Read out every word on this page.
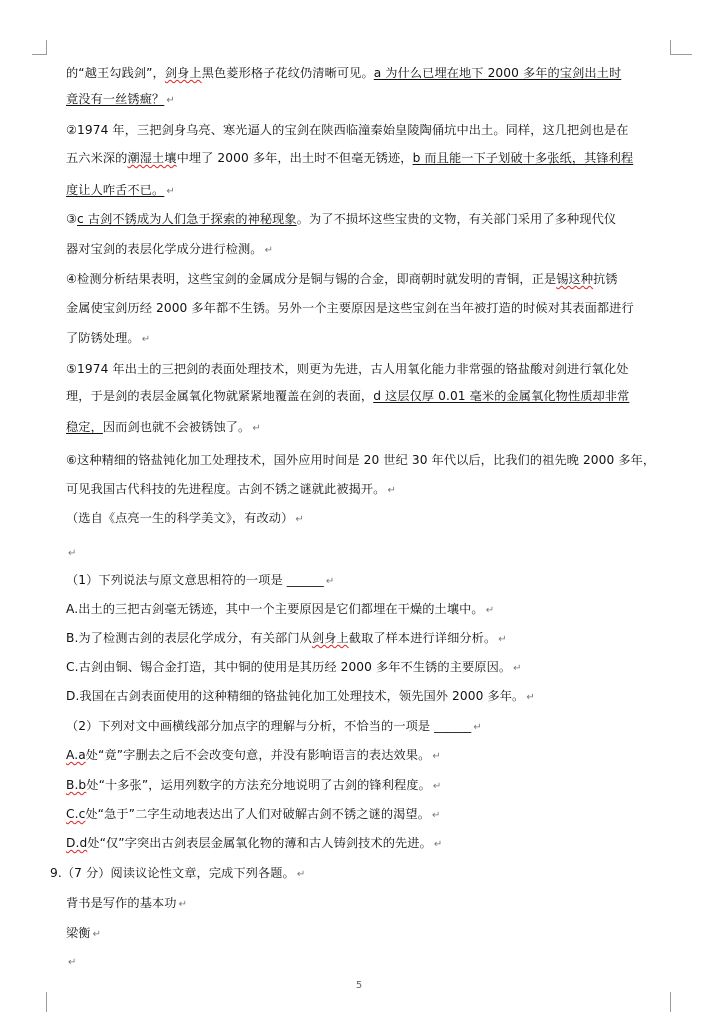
的“越王勾践剑”，剑身上黑色菱形格子花纹仍清晰可见。a 为什么已埋在地下 2000 多年的宝剑出土时
竟没有一丝锈癍？ ↵
②1974 年，三把剑身乌亮、寒光逼人的宝剑在陕西临潼秦始皇陵陶俑坑中出土。同样，这几把剑也是在
五六米深的潮湿土壤中埋了 2000 多年，出土时不但毫无锈迹，b 而且能一下子划破十多张纸，其锋利程
度让人咋舌不已。 ↵
③c 古剑不锈成为人们急于探索的神秘现象。为了不损坏这些宝贵的文物，有关部门采用了多种现代仪
器对宝剑的表层化学成分进行检测。 ↵
④检测分析结果表明，这些宝剑的金属成分是铜与锡的合金，即商朝时就发明的青铜，正是锡这种抗锈
金属使宝剑历经 2000 多年都不生锈。另外一个主要原因是这些宝剑在当年被打造的时候对其表面都进行
了防锈处理。 ↵
⑤1974 年出土的三把剑的表面处理技术，则更为先进，古人用氧化能力非常强的铬盐酸对剑进行氧化处
理，于是剑的表层金属氧化物就紧紧地覆盖在剑的表面，d 这层仅厚 0.01 毫米的金属氧化物性质却非常
稳定，因而剑也就不会被锈蚀了。 ↵
⑥这种精细的铬盐钝化加工处理技术，国外应用时间是 20 世纪 30 年代以后，比我们的祖先晚 2000 多年，
可见我国古代科技的先进程度。古剑不锈之谜就此被揭开。 ↵
（选自《点亮一生的科学美文》，有改动） ↵
↵
（1）下列说法与原文意思相符的一项是 ______ ↵
A.出土的三把古剑毫无锈迹，其中一个主要原因是它们都埋在干燥的土壤中。 ↵
B.为了检测古剑的表层化学成分，有关部门从剑身上截取了样本进行详细分析。 ↵
C.古剑由铜、锡合金打造，其中铜的使用是其历经 2000 多年不生锈的主要原因。 ↵
D.我国在古剑表面使用的这种精细的铬盐钝化加工处理技术，领先国外 2000 多年。 ↵
（2）下列对文中画横线部分加点字的理解与分析，不恰当的一项是 ______ ↵
A.a处“竟”字删去之后不会改变句意，并没有影响语言的表达效果。 ↵
B.b处“十多张”，运用列数字的方法充分地说明了古剑的锋利程度。 ↵
C.c处“急于”二字生动地表达出了人们对破解古剑不锈之谜的渴望。 ↵
D.d处“仅”字突出古剑表层金属氧化物的薄和古人铸剑技术的先进。 ↵
9.（7 分）阅读议论性文章，完成下列各题。 ↵
背书是写作的基本功 ↵
梁衡 ↵
↵
5
